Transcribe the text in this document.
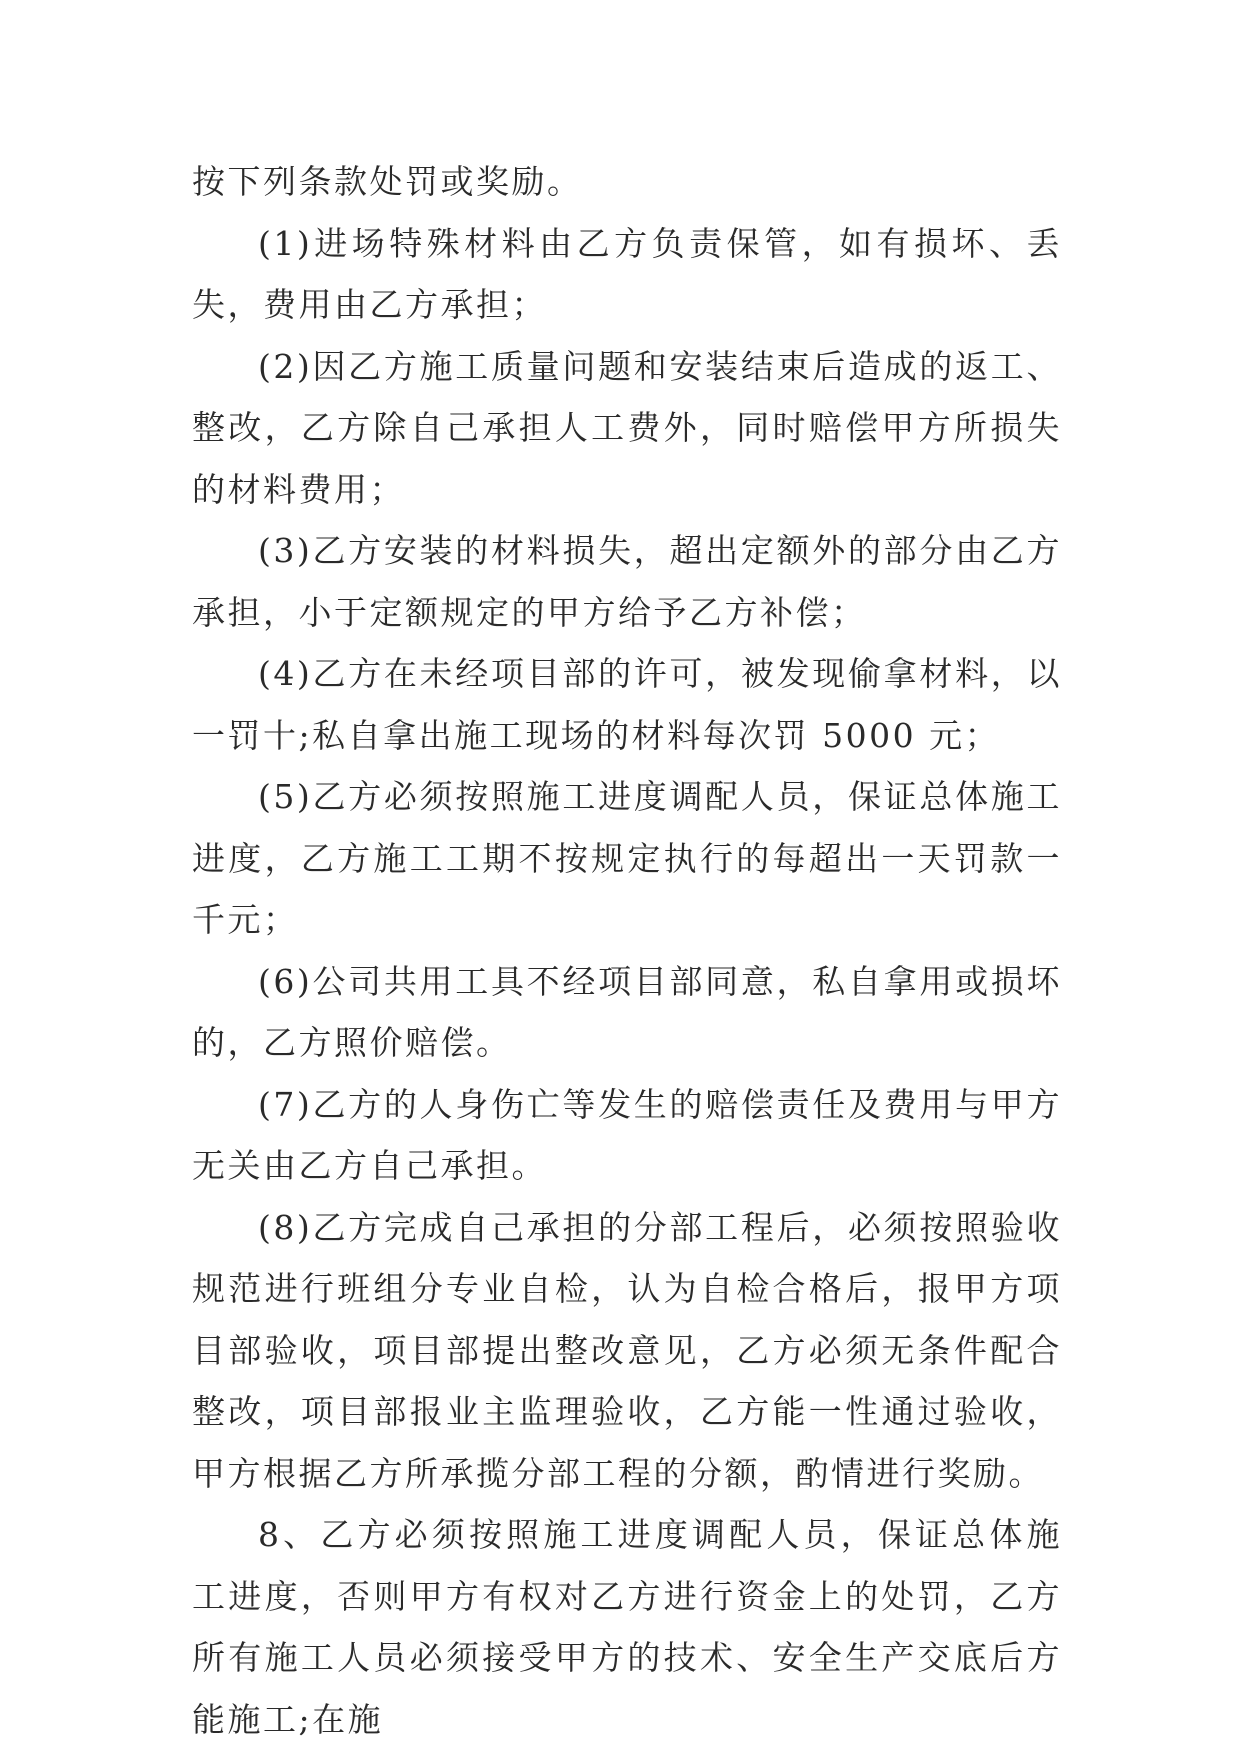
按下列条款处罚或奖励。

(1)进场特殊材料由乙方负责保管，如有损坏、丢失，费用由乙方承担；

(2)因乙方施工质量问题和安装结束后造成的返工、整改，乙方除自己承担人工费外，同时赔偿甲方所损失的材料费用；

(3)乙方安装的材料损失，超出定额外的部分由乙方承担，小于定额规定的甲方给予乙方补偿；

(4)乙方在未经项目部的许可，被发现偷拿材料，以一罚十;私自拿出施工现场的材料每次罚 5000 元；

(5)乙方必须按照施工进度调配人员，保证总体施工进度，乙方施工工期不按规定执行的每超出一天罚款一千元；

(6)公司共用工具不经项目部同意，私自拿用或损坏的，乙方照价赔偿。

(7)乙方的人身伤亡等发生的赔偿责任及费用与甲方无关由乙方自己承担。

(8)乙方完成自己承担的分部工程后，必须按照验收规范进行班组分专业自检，认为自检合格后，报甲方项目部验收，项目部提出整改意见，乙方必须无条件配合整改，项目部报业主监理验收，乙方能一性通过验收，甲方根据乙方所承揽分部工程的分额，酌情进行奖励。

8、乙方必须按照施工进度调配人员，保证总体施工进度，否则甲方有权对乙方进行资金上的处罚，乙方所有施工人员必须接受甲方的技术、安全生产交底后方能施工;在施
